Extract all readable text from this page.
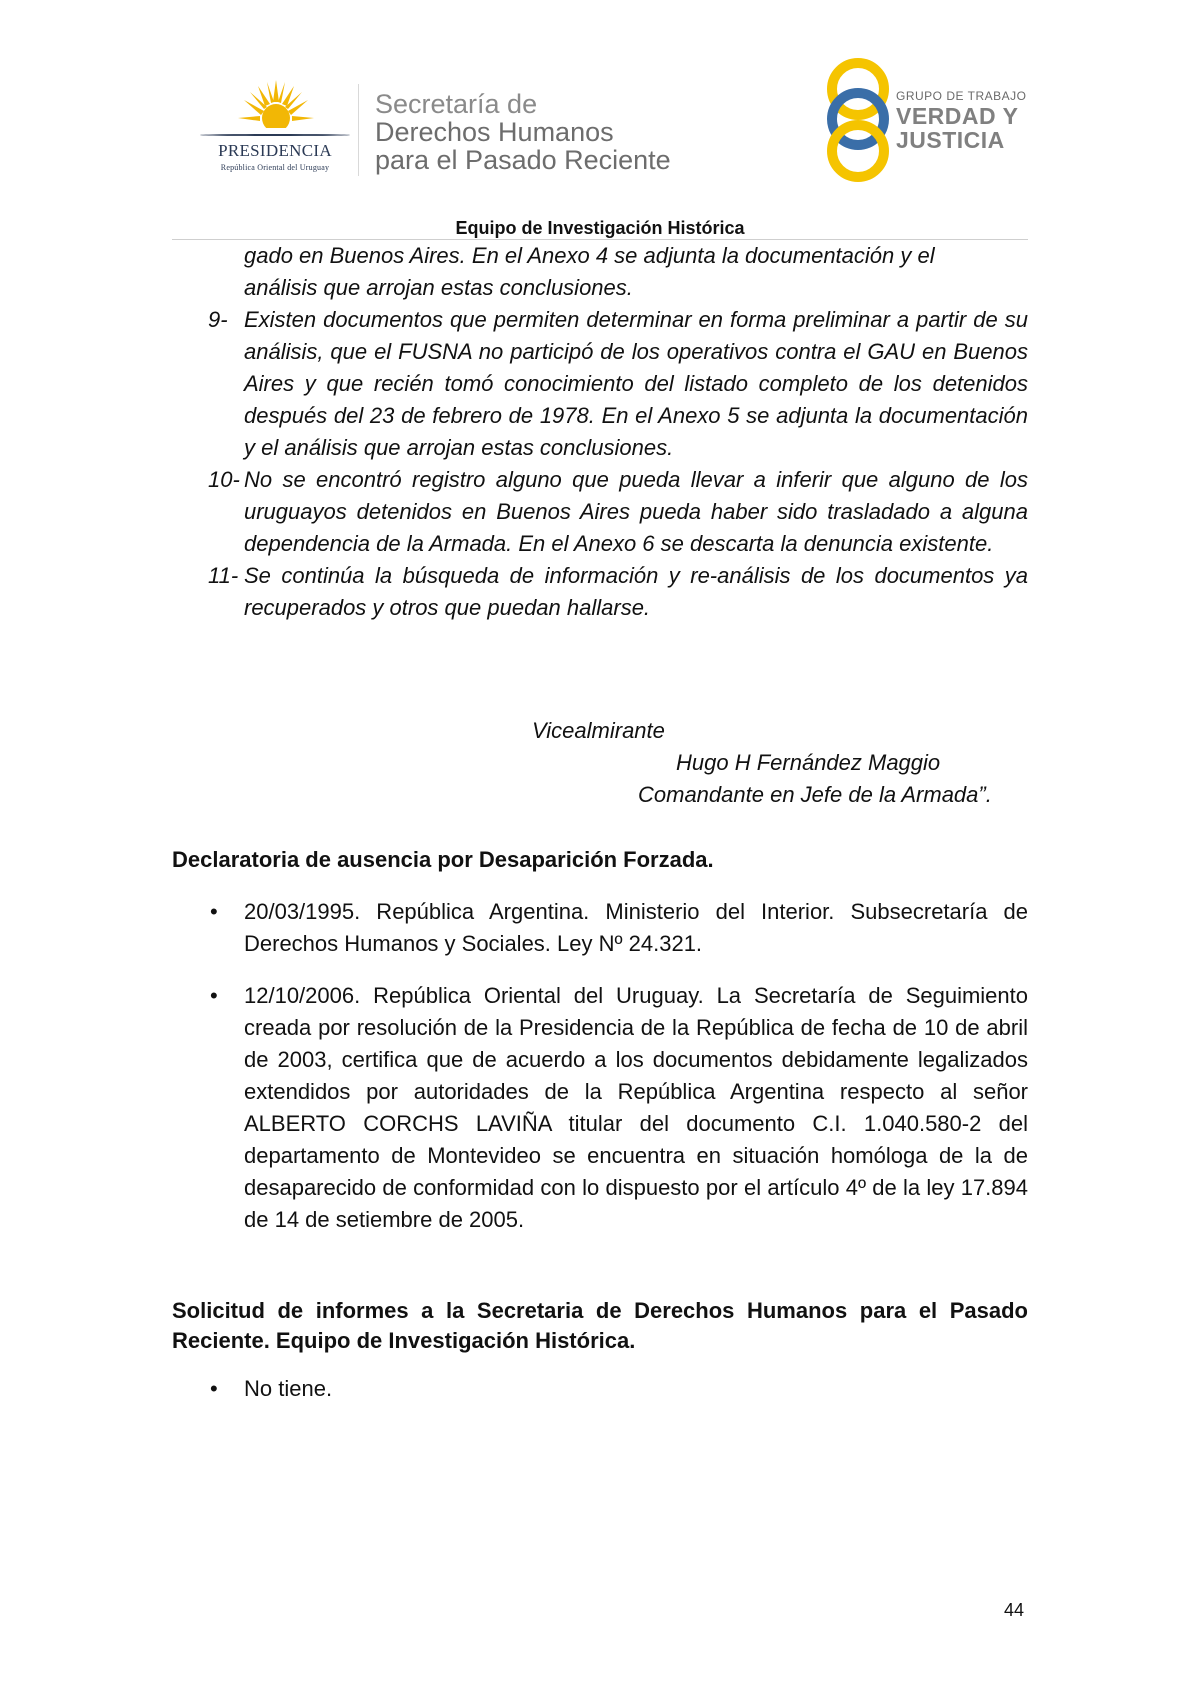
PRESIDENCIA
República Oriental del Uruguay
Secretaría de
Derechos Humanos
para el Pasado Reciente
GRUPO DE TRABAJO
VERDAD Y
JUSTICIA
Equipo de Investigación Histórica
gado en Buenos Aires. En el Anexo 4 se adjunta la documentación y el
análisis que arrojan estas conclusiones.
9- Existen documentos que permiten determinar en forma preliminar a partir de su análisis, que el FUSNA no participó de los operativos contra el GAU en Buenos Aires y que recién tomó conocimiento del listado completo de los detenidos después del 23 de febrero de 1978. En el Anexo 5 se adjunta la documentación y el análisis que arrojan estas conclusiones.
10- No se encontró registro alguno que pueda llevar a inferir que alguno de los uruguayos detenidos en Buenos Aires pueda haber sido trasladado a alguna dependencia de la Armada. En el Anexo 6 se descarta la denuncia existente.
11- Se continúa la búsqueda de información y re-análisis de los documentos ya recuperados y otros que puedan hallarse.
Vicealmirante
Hugo H Fernández Maggio
Comandante en Jefe de la Armada”.
Declaratoria de ausencia por Desaparición Forzada.
•	20/03/1995. República Argentina. Ministerio del Interior. Subsecretaría de Derechos Humanos y Sociales. Ley Nº 24.321.
•	12/10/2006. República Oriental del Uruguay. La Secretaría de Seguimiento creada por resolución de la Presidencia de la República de fecha de 10 de abril de 2003, certifica que de acuerdo a los documentos debidamente legalizados extendidos por autoridades de la República Argentina respecto al señor ALBERTO CORCHS LAVIÑA titular del documento C.I. 1.040.580-2 del departamento de Montevideo se encuentra en situación homóloga de la de desaparecido de conformidad con lo dispuesto por el artículo 4º de la ley 17.894 de 14 de setiembre de 2005.
Solicitud de informes a la Secretaria de Derechos Humanos para el Pasado Reciente. Equipo de Investigación Histórica.
•	No tiene.
44
